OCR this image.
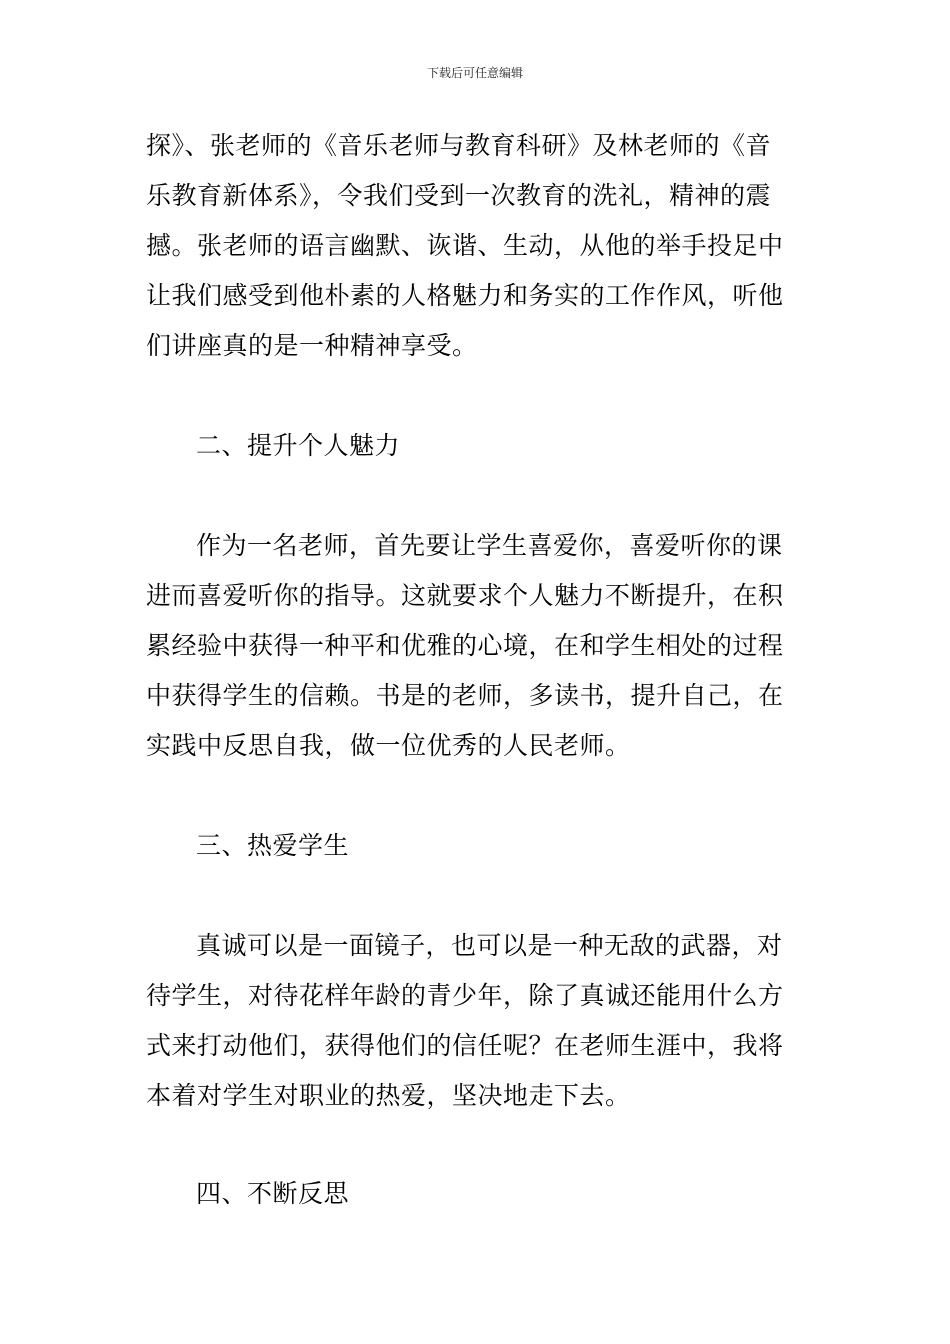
下载后可任意编辑
探》、张老师的《音乐老师与教育科研》及林老师的《音
乐教育新体系》，令我们受到一次教育的洗礼，精神的震
撼。张老师的语言幽默、诙谐、生动，从他的举手投足中
让我们感受到他朴素的人格魅力和务实的工作作风，听他
们讲座真的是一种精神享受。
二、提升个人魅力
作为一名老师，首先要让学生喜爱你，喜爱听你的课
进而喜爱听你的指导。这就要求个人魅力不断提升，在积
累经验中获得一种平和优雅的心境，在和学生相处的过程
中获得学生的信赖。书是的老师，多读书，提升自己，在
实践中反思自我，做一位优秀的人民老师。
三、热爱学生
真诚可以是一面镜子，也可以是一种无敌的武器，对
待学生，对待花样年龄的青少年，除了真诚还能用什么方
式来打动他们，获得他们的信任呢？在老师生涯中，我将
本着对学生对职业的热爱，坚决地走下去。
四、不断反思
